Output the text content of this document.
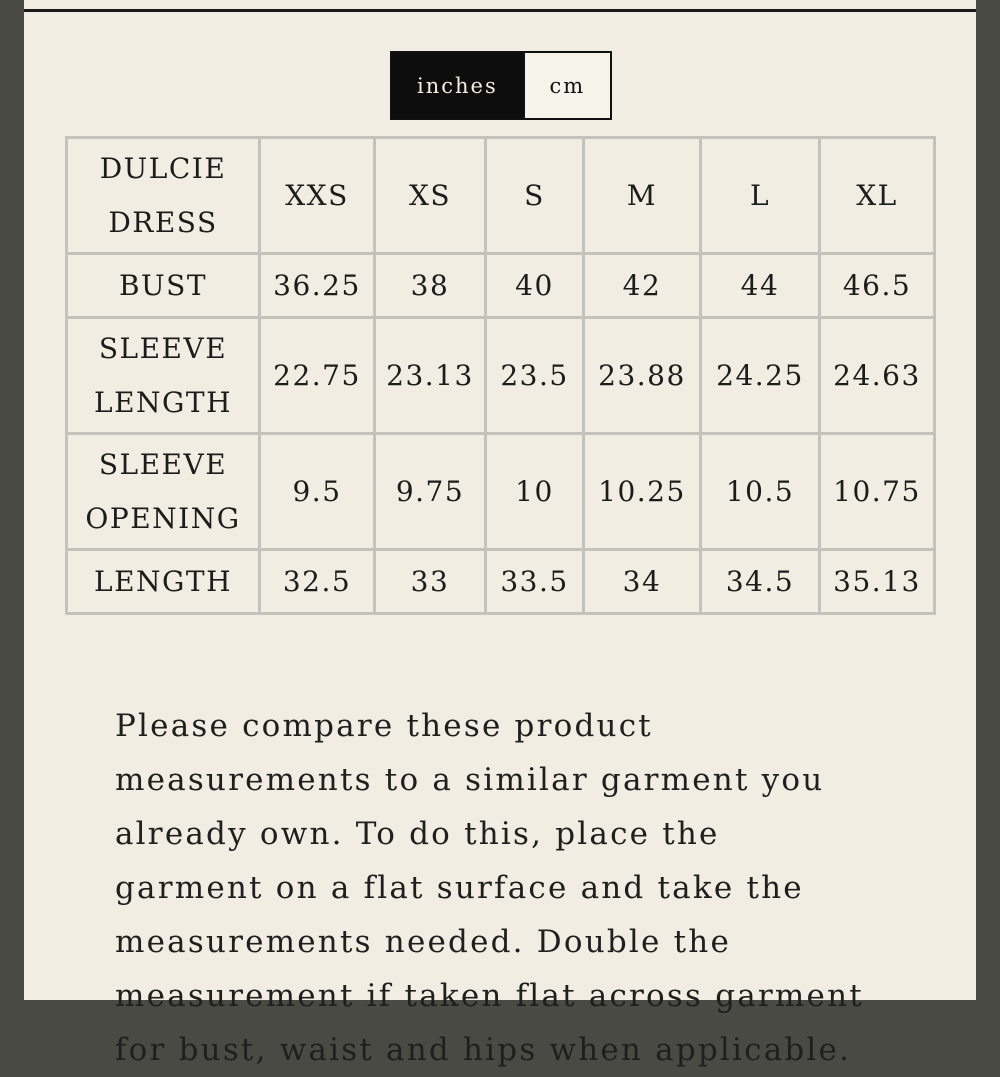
inches	cm
DULCIE
DRESS	XXS	XS	S	M	L	XL
BUST	36.25	38	40	42	44	46.5
SLEEVE
LENGTH	22.75	23.13	23.5	23.88	24.25	24.63
SLEEVE
OPENING	9.5	9.75	10	10.25	10.5	10.75
LENGTH	32.5	33	33.5	34	34.5	35.13

Please compare these product measurements to a similar garment you already own. To do this, place the garment on a flat surface and take the measurements needed. Double the measurement if taken flat across garment for bust, waist and hips when applicable.
